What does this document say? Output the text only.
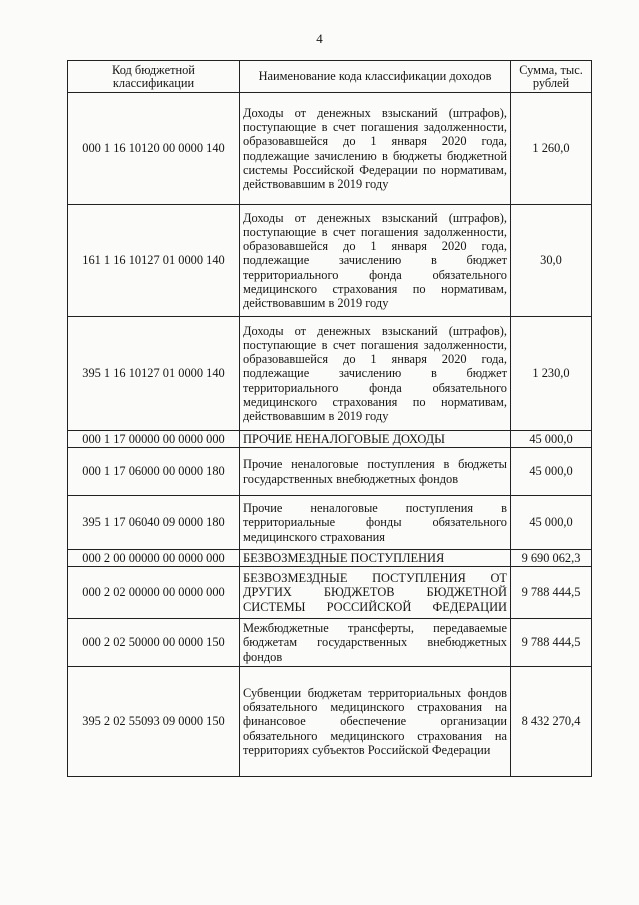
4
Код бюджетной классификации	Наименование кода классификации доходов	Сумма, тыс. рублей
000 1 16 10120 00 0000 140	Доходы от денежных взысканий (штрафов), поступающие в счет погашения задолженности, образовавшейся до 1 января 2020 года, подлежащие зачислению в бюджеты бюджетной системы Российской Федерации по нормативам, действовавшим в 2019 году	1 260,0
161 1 16 10127 01 0000 140	Доходы от денежных взысканий (штрафов), поступающие в счет погашения задолженности, образовавшейся до 1 января 2020 года, подлежащие зачислению в бюджет территориального фонда обязательного медицинского страхования по нормативам, действовавшим в 2019 году	30,0
395 1 16 10127 01 0000 140	Доходы от денежных взысканий (штрафов), поступающие в счет погашения задолженности, образовавшейся до 1 января 2020 года, подлежащие зачислению в бюджет территориального фонда обязательного медицинского страхования по нормативам, действовавшим в 2019 году	1 230,0
000 1 17 00000 00 0000 000	ПРОЧИЕ НЕНАЛОГОВЫЕ ДОХОДЫ	45 000,0
000 1 17 06000 00 0000 180	Прочие неналоговые поступления в бюджеты государственных внебюджетных фондов	45 000,0
395 1 17 06040 09 0000 180	Прочие неналоговые поступления в территориальные фонды обязательного медицинского страхования	45 000,0
000 2 00 00000 00 0000 000	БЕЗВОЗМЕЗДНЫЕ ПОСТУПЛЕНИЯ	9 690 062,3
000 2 02 00000 00 0000 000	БЕЗВОЗМЕЗДНЫЕ ПОСТУПЛЕНИЯ ОТ ДРУГИХ БЮДЖЕТОВ БЮДЖЕТНОЙ СИСТЕМЫ РОССИЙСКОЙ ФЕДЕРАЦИИ	9 788 444,5
000 2 02 50000 00 0000 150	Межбюджетные трансферты, передаваемые бюджетам государственных внебюджетных фондов	9 788 444,5
395 2 02 55093 09 0000 150	Субвенции бюджетам территориальных фондов обязательного медицинского страхования на финансовое обеспечение организации обязательного медицинского страхования на территориях субъектов Российской Федерации	8 432 270,4
